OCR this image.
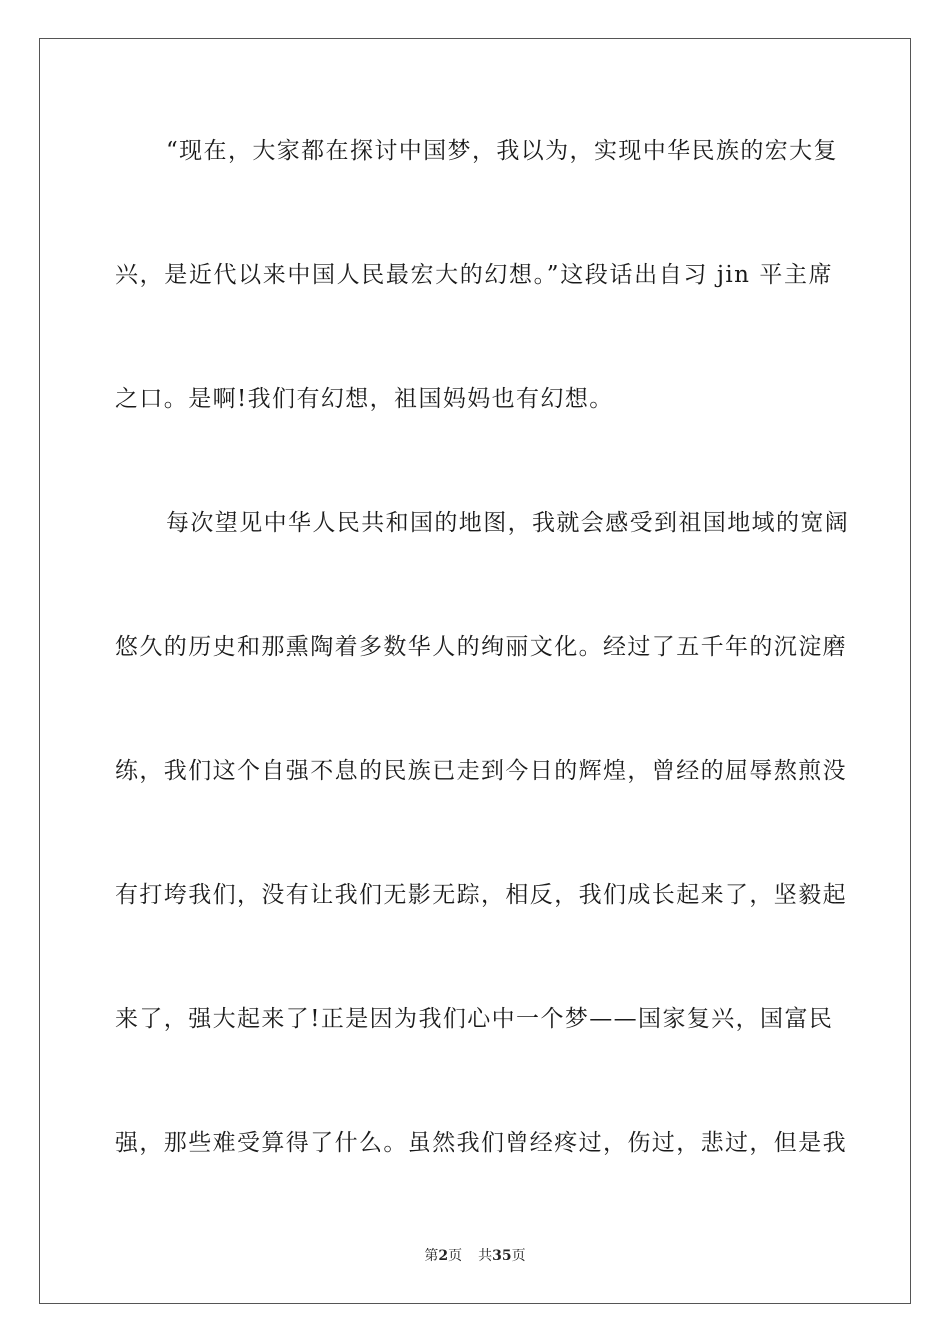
“现在，大家都在探讨中国梦，我以为，实现中华民族的宏大复
兴，是近代以来中国人民最宏大的幻想。”这段话出自习 jin 平主席
之口。是啊!我们有幻想，祖国妈妈也有幻想。
每次望见中华人民共和国的地图，我就会感受到祖国地域的宽阔
悠久的历史和那熏陶着多数华人的绚丽文化。经过了五千年的沉淀磨
练，我们这个自强不息的民族已走到今日的辉煌，曾经的屈辱熬煎没
有打垮我们，没有让我们无影无踪，相反，我们成长起来了，坚毅起
来了，强大起来了!正是因为我们心中一个梦——国家复兴，国富民
强，那些难受算得了什么。虽然我们曾经疼过，伤过，悲过，但是我
第2页 共35页
